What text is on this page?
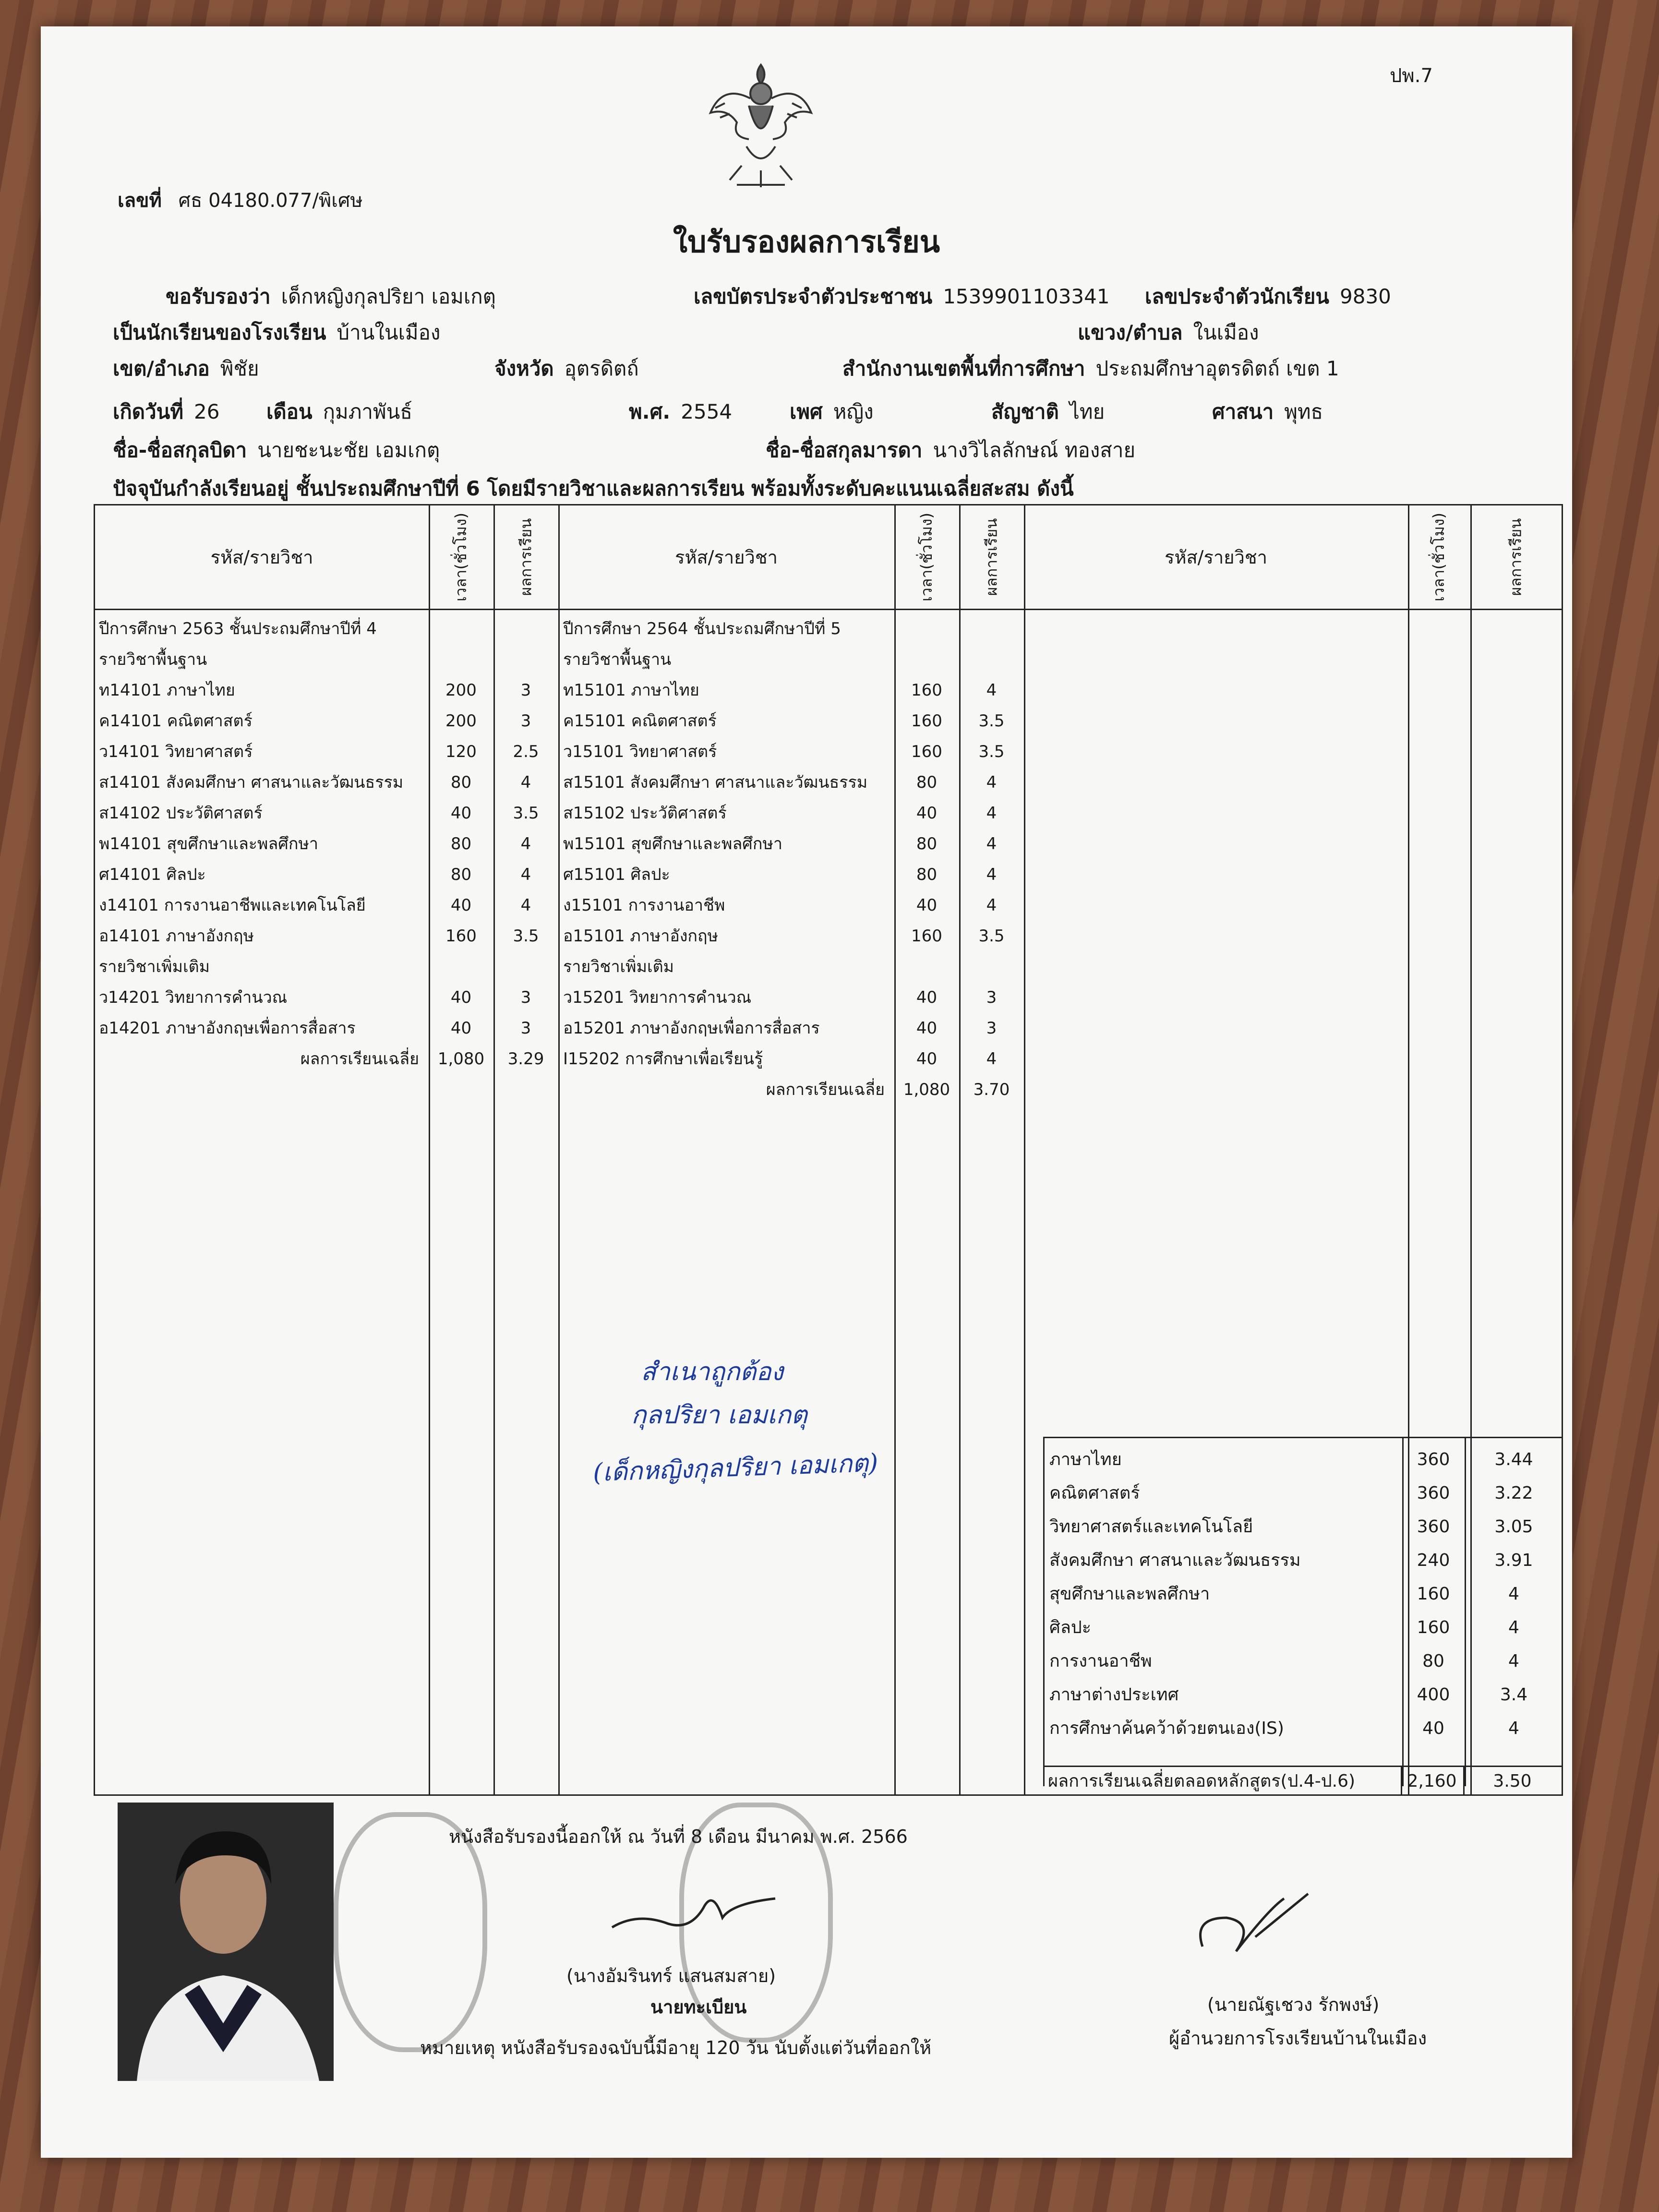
ปพ.7
เลขที่ ศธ 04180.077/พิเศษ
ใบรับรองผลการเรียน
ขอรับรองว่า เด็กหญิงกุลปริยา เอมเกตุ	เลขบัตรประจำตัวประชาชน 1539901103341 เลขประจำตัวนักเรียน 9830
เป็นนักเรียนของโรงเรียน บ้านในเมือง	แขวง/ตำบล ในเมือง
เขต/อำเภอ พิชัย	จังหวัด อุตรดิตถ์	สำนักงานเขตพื้นที่การศึกษา ประถมศึกษาอุตรดิตถ์ เขต 1
เกิดวันที่ 26 เดือน กุมภาพันธ์	พ.ศ. 2554	เพศ หญิง	สัญชาติ ไทย	ศาสนา พุทธ
ชื่อ-ชื่อสกุลบิดา นายชะนะชัย เอมเกตุ	ชื่อ-ชื่อสกุลมารดา นางวิไลลักษณ์ ทองสาย
ปัจจุบันกำลังเรียนอยู่ ชั้นประถมศึกษาปีที่ 6 โดยมีรายวิชาและผลการเรียน พร้อมทั้งระดับคะแนนเฉลี่ยสะสม ดังนี้
รหัส/รายวิชา	เวลา(ชั่วโมง)	ผลการเรียน	รหัส/รายวิชา	เวลา(ชั่วโมง)	ผลการเรียน	รหัส/รายวิชา	เวลา(ชั่วโมง)	ผลการเรียน
ปีการศึกษา 2563 ชั้นประถมศึกษาปีที่ 4
รายวิชาพื้นฐาน
ท14101 ภาษาไทย	200	3
ค14101 คณิตศาสตร์	200	3
ว14101 วิทยาศาสตร์	120	2.5
ส14101 สังคมศึกษา ศาสนาและวัฒนธรรม	80	4
ส14102 ประวัติศาสตร์	40	3.5
พ14101 สุขศึกษาและพลศึกษา	80	4
ศ14101 ศิลปะ	80	4
ง14101 การงานอาชีพและเทคโนโลยี	40	4
อ14101 ภาษาอังกฤษ	160	3.5
รายวิชาเพิ่มเติม
ว14201 วิทยาการคำนวณ	40	3
อ14201 ภาษาอังกฤษเพื่อการสื่อสาร	40	3
ผลการเรียนเฉลี่ย	1,080	3.29
ปีการศึกษา 2564 ชั้นประถมศึกษาปีที่ 5
รายวิชาพื้นฐาน
ท15101 ภาษาไทย	160	4
ค15101 คณิตศาสตร์	160	3.5
ว15101 วิทยาศาสตร์	160	3.5
ส15101 สังคมศึกษา ศาสนาและวัฒนธรรม	80	4
ส15102 ประวัติศาสตร์	40	4
พ15101 สุขศึกษาและพลศึกษา	80	4
ศ15101 ศิลปะ	80	4
ง15101 การงานอาชีพ	40	4
อ15101 ภาษาอังกฤษ	160	3.5
รายวิชาเพิ่มเติม
ว15201 วิทยาการคำนวณ	40	3
อ15201 ภาษาอังกฤษเพื่อการสื่อสาร	40	3
I15202 การศึกษาเพื่อเรียนรู้	40	4
ผลการเรียนเฉลี่ย	1,080	3.70
ภาษาไทย	360	3.44
คณิตศาสตร์	360	3.22
วิทยาศาสตร์และเทคโนโลยี	360	3.05
สังคมศึกษา ศาสนาและวัฒนธรรม	240	3.91
สุขศึกษาและพลศึกษา	160	4
ศิลปะ	160	4
การงานอาชีพ	80	4
ภาษาต่างประเทศ	400	3.4
การศึกษาค้นคว้าด้วยตนเอง(IS)	40	4
ผลการเรียนเฉลี่ยตลอดหลักสูตร(ป.4-ป.6)	2,160	3.50
สำเนาถูกต้อง
กุลปริยา เอมเกตุ
(เด็กหญิงกุลปริยา เอมเกตุ)
หนังสือรับรองนี้ออกให้ ณ วันที่ 8 เดือน มีนาคม พ.ศ. 2566
(นางอัมรินทร์ แสนสมสาย)
นายทะเบียน
หมายเหตุ หนังสือรับรองฉบับนี้มีอายุ 120 วัน นับตั้งแต่วันที่ออกให้
(นายณัฐเชวง รักพงษ์)
ผู้อำนวยการโรงเรียนบ้านในเมือง
